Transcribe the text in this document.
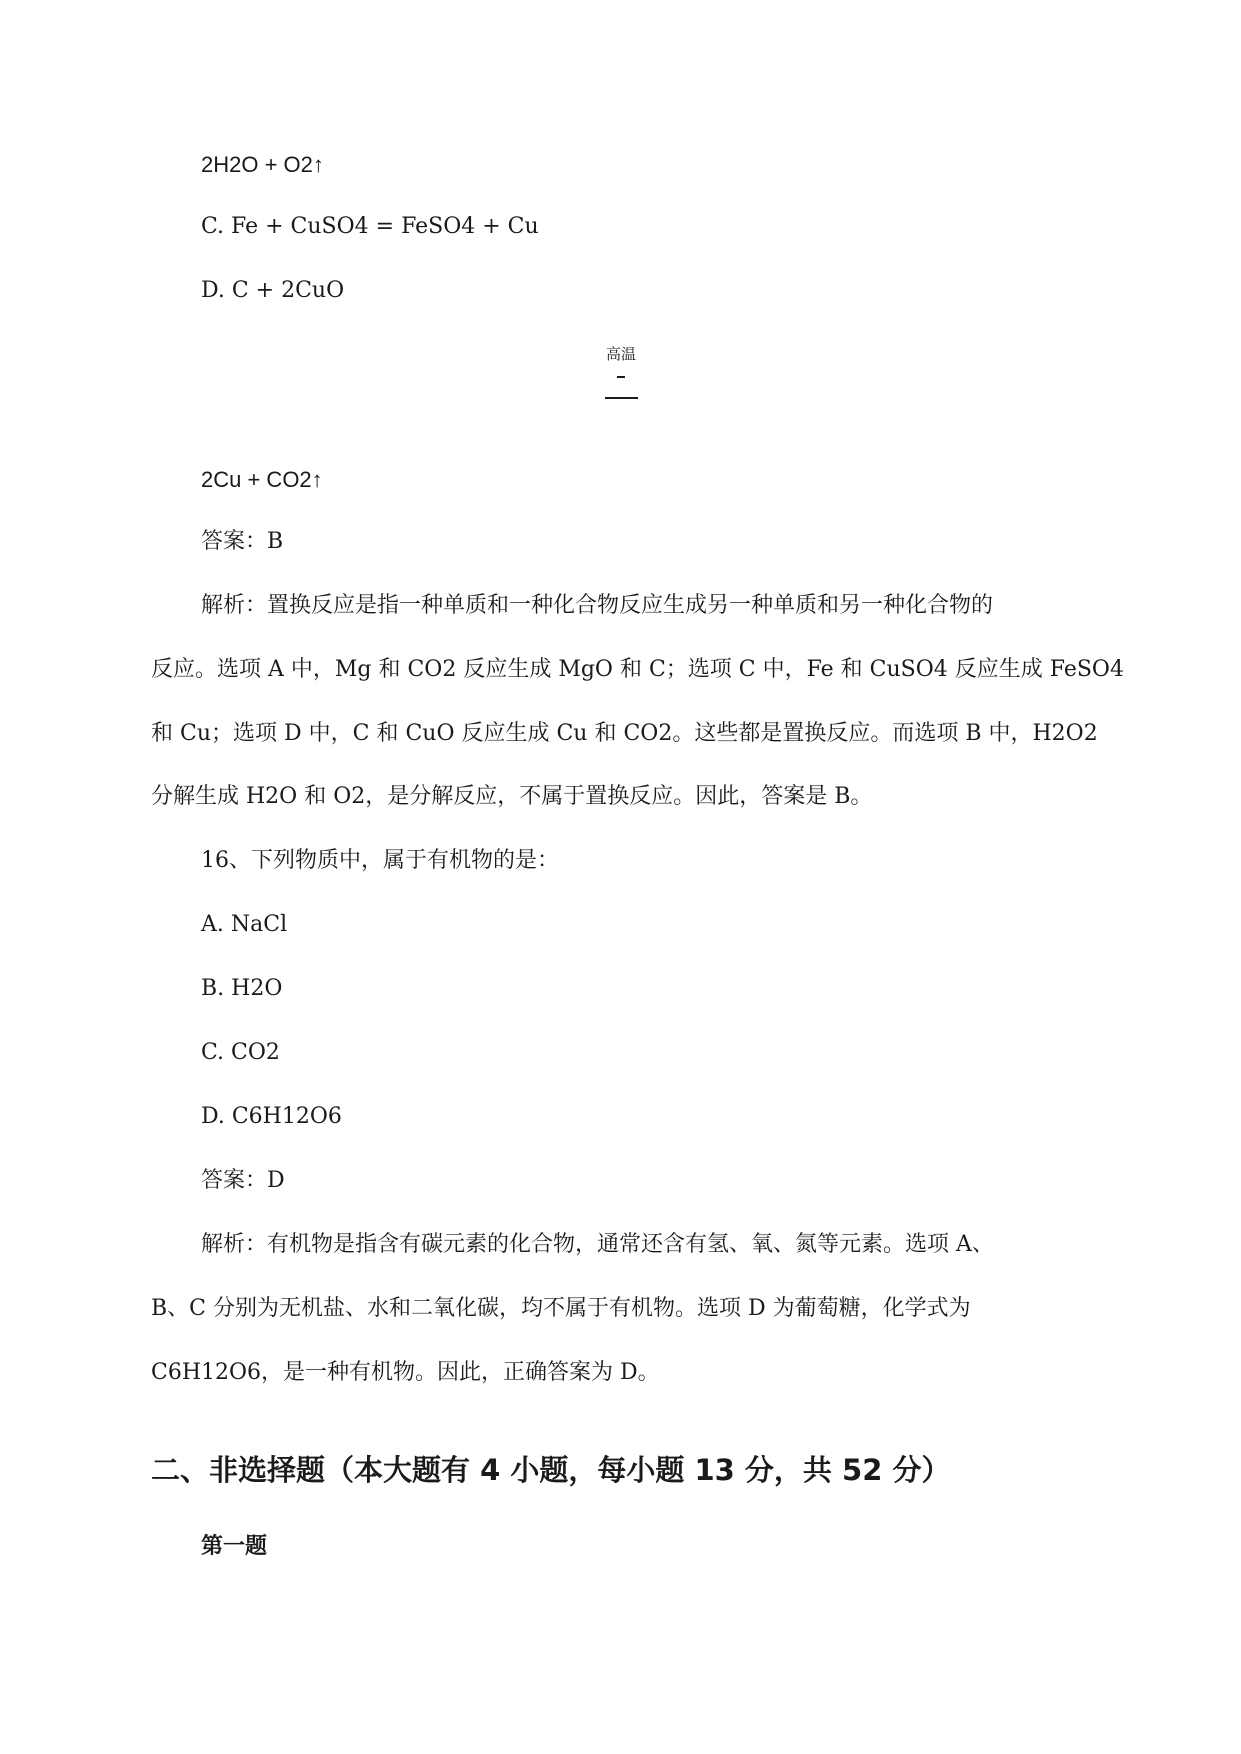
2H2O + O2↑
C. Fe + CuSO4 = FeSO4 + Cu
D. C + 2CuO
高温
2Cu + CO2↑
答案：B
解析：置换反应是指一种单质和一种化合物反应生成另一种单质和另一种化合物的
反应。选项 A 中，Mg 和 CO2 反应生成 MgO 和 C；选项 C 中，Fe 和 CuSO4 反应生成 FeSO4
和 Cu；选项 D 中，C 和 CuO 反应生成 Cu 和 CO2。这些都是置换反应。而选项 B 中，H2O2
分解生成 H2O 和 O2，是分解反应，不属于置换反应。因此，答案是 B。
16、下列物质中，属于有机物的是：
A. NaCl
B. H2O
C. CO2
D. C6H12O6
答案：D
解析：有机物是指含有碳元素的化合物，通常还含有氢、氧、氮等元素。选项 A、
B、C 分别为无机盐、水和二氧化碳，均不属于有机物。选项 D 为葡萄糖，化学式为
C6H12O6，是一种有机物。因此，正确答案为 D。
二、非选择题（本大题有 4 小题，每小题 13 分，共 52 分）
第一题
